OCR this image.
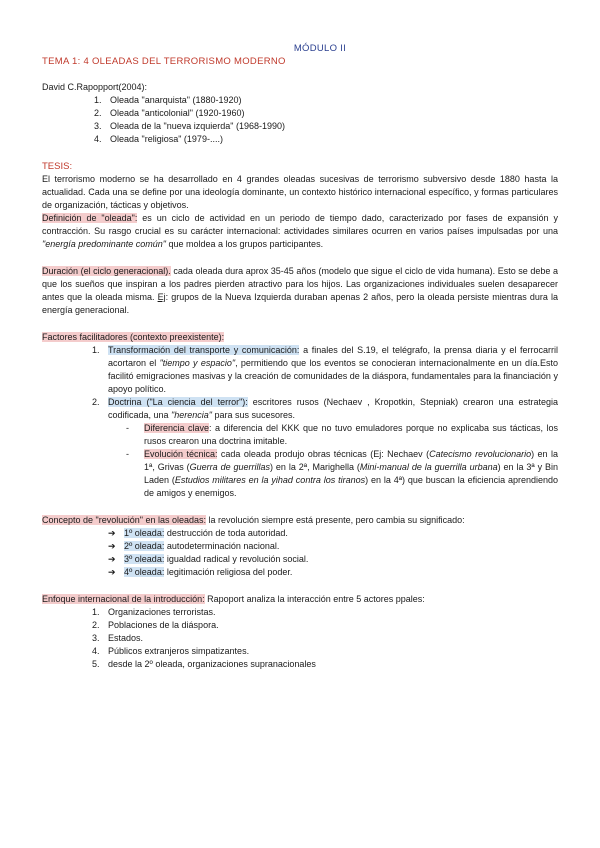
MÓDULO II
TEMA 1: 4 OLEADAS DEL TERRORISMO MODERNO
David C.Rapopport(2004):
1. Oleada "anarquista" (1880-1920)
2. Oleada "anticolonial" (1920-1960)
3. Oleada de la "nueva izquierda" (1968-1990)
4. Oleada "religiosa" (1979-....)
TESIS:

El terrorismo moderno se ha desarrollado en 4 grandes oleadas sucesivas de terrorismo subversivo desde 1880 hasta la actualidad. Cada una se define por una ideología dominante, un contexto histórico internacional específico, y formas particulares de organización, tácticas y objetivos.

Definición de "oleada": es un ciclo de actividad en un periodo de tiempo dado, caracterizado por fases de expansión y contracción. Su rasgo crucial es su carácter internacional: actividades similares ocurren en varios países impulsadas por una "energía predominante común" que moldea a los grupos participantes.

Duración (el ciclo generacional). cada oleada dura aprox 35-45 años (modelo que sigue el ciclo de vida humana). Esto se debe a que los sueños que inspiran a los padres pierden atractivo para los hijos. Las organizaciones individuales suelen desaparecer antes que la oleada misma. Ej: grupos de la Nueva Izquierda duraban apenas 2 años, pero la oleada persiste mientras dura la energía generacional.

Factores facilitadores (contexto preexistente):
1. Transformación del transporte y comunicación: a finales del S.19, el telégrafo, la prensa diaria y el ferrocarril acortaron el "tiempo y espacio", permitiendo que los eventos se conocieran internacionalmente en un día.Esto facilitó emigraciones masivas y la creación de comunidades de la diáspora, fundamentales para la financiación y apoyo político.

2. Doctrina ("La ciencia del terror"): escritores rusos (Nechaev , Kropotkin, Stepniak) crearon una estrategia codificada, una "herencia" para sus sucesores.

- Diferencia clave: a diferencia del KKK que no tuvo emuladores porque no explicaba sus tácticas, los rusos crearon una doctrina imitable.

- Evolución técnica: cada oleada produjo obras técnicas (Ej: Nechaev (Catecismo revolucionario) en la 1ª, Grivas (Guerra de guerrillas) en la 2ª, Marighella (Mini-manual de la guerrilla urbana) en la 3ª y Bin Laden (Estudios militares en la yihad contra los tiranos) en la 4ª) que buscan la eficiencia aprendiendo de amigos y enemigos.

Concepto de "revolución" en las oleadas: la revolución siempre está presente, pero cambia su significado:
➔ 1º oleada: destrucción de toda autoridad.
➔ 2º oleada: autodeterminación nacional.
➔ 3º oleada: igualdad radical y revolución social.
➔ 4º oleada: legitimación religiosa del poder.
Enfoque internacional de la introducción: Rapoport analiza la interacción entre 5 actores ppales:
1. Organizaciones terroristas.
2. Poblaciones de la diáspora.
3. Estados.
4. Públicos extranjeros simpatizantes.
5. desde la 2º oleada, organizaciones supranacionales
